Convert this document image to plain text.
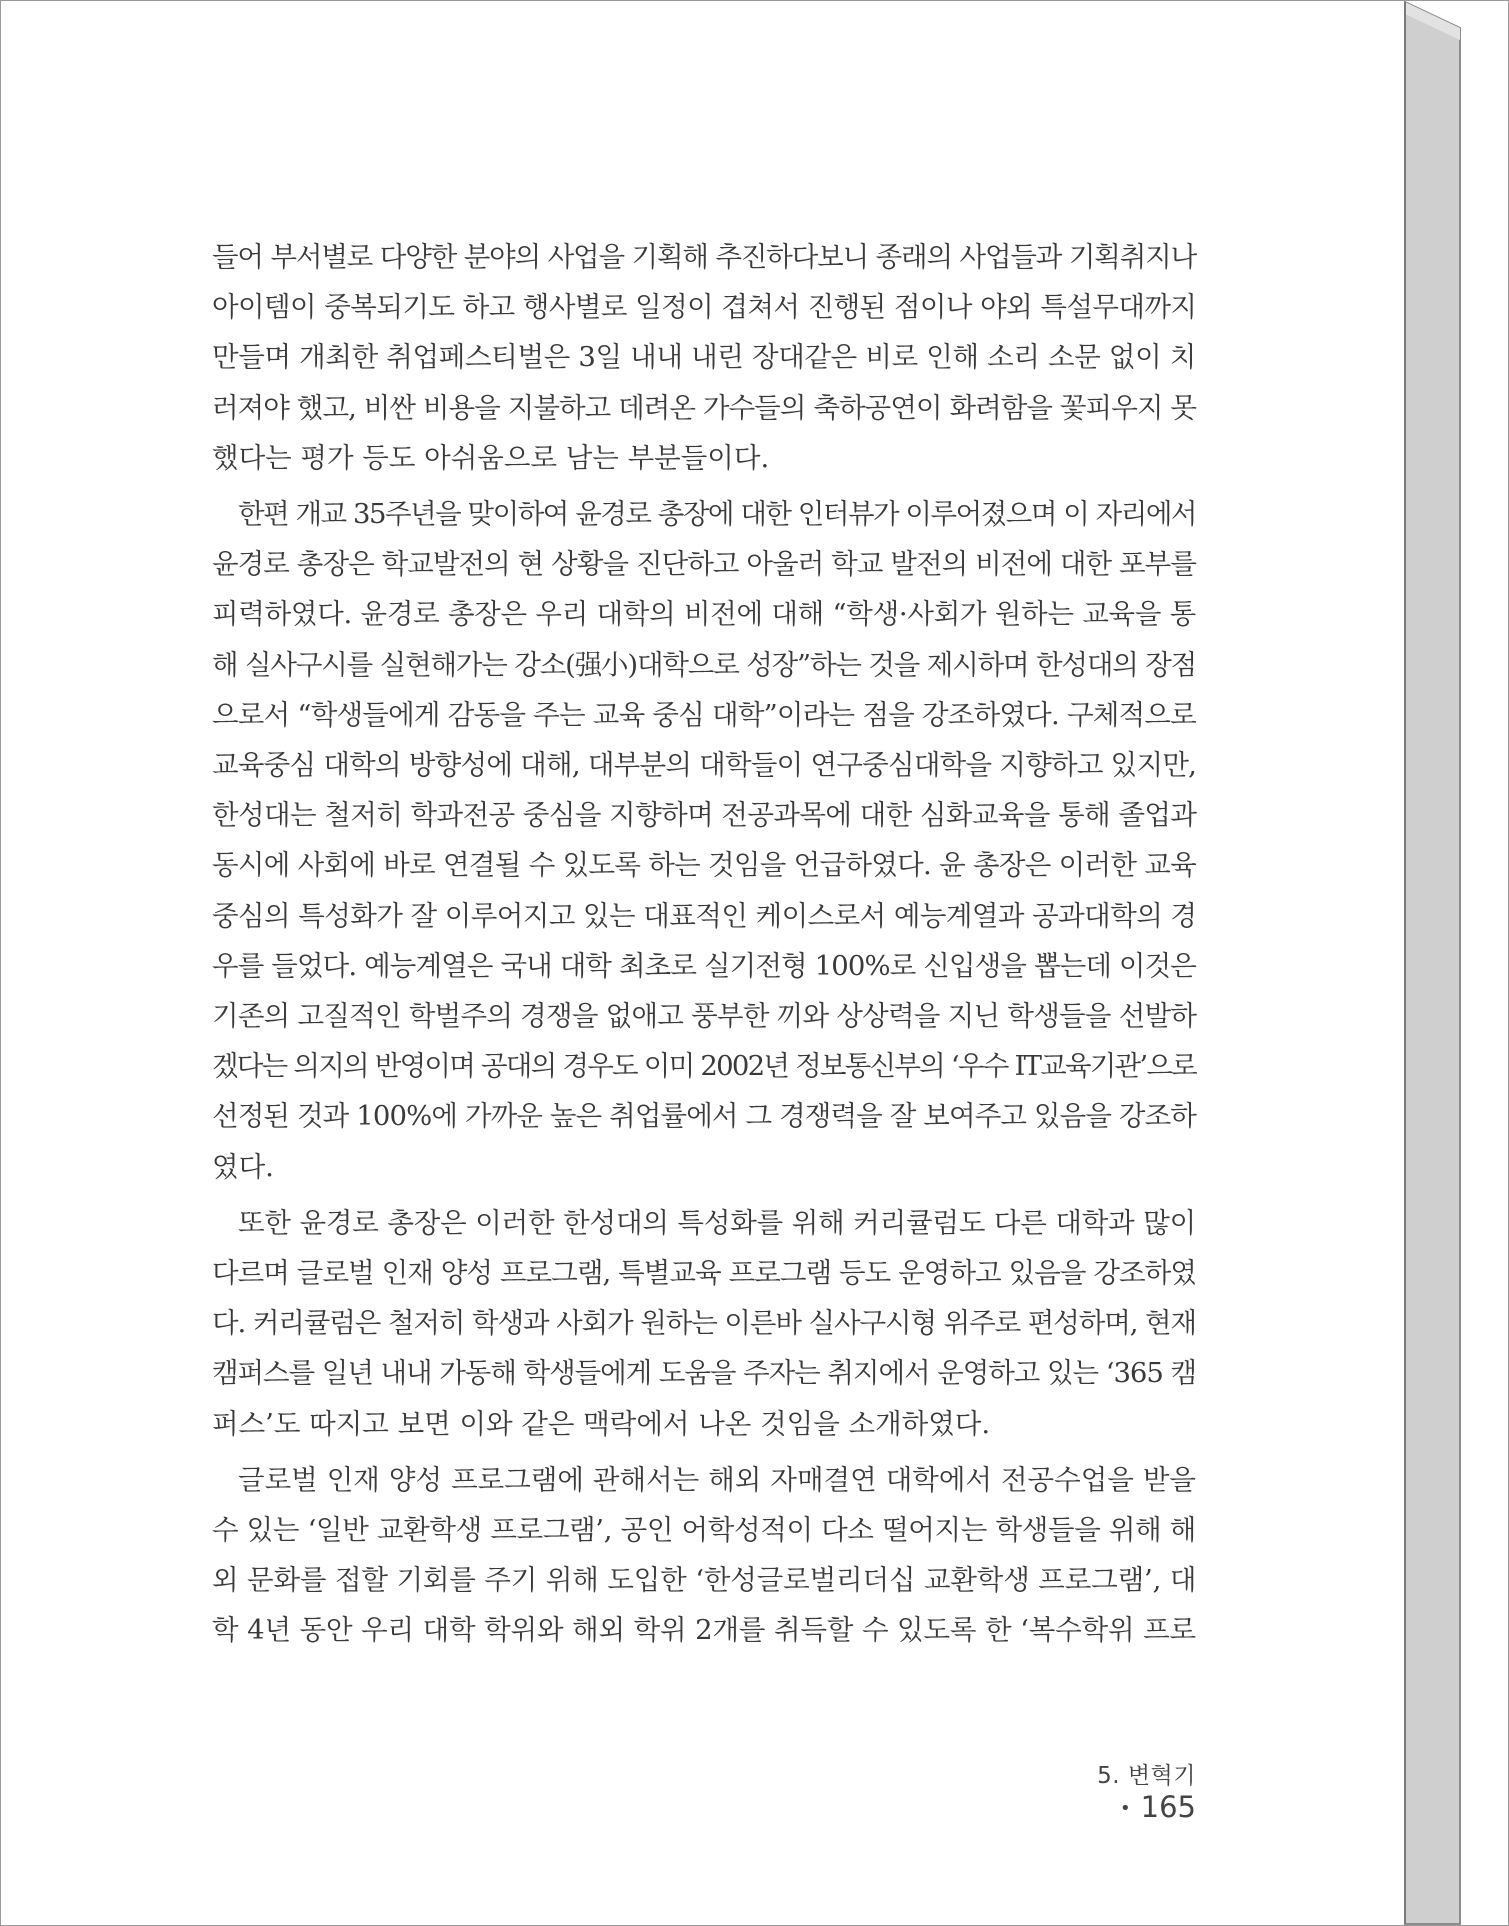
들어 부서별로 다양한 분야의 사업을 기획해 추진하다보니 종래의 사업들과 기획취지나
아이템이 중복되기도 하고 행사별로 일정이 겹쳐서 진행된 점이나 야외 특설무대까지
만들며 개최한 취업페스티벌은 3일 내내 내린 장대같은 비로 인해 소리 소문 없이 치
러져야 했고, 비싼 비용을 지불하고 데려온 가수들의 축하공연이 화려함을 꽃피우지 못
했다는 평가 등도 아쉬움으로 남는 부분들이다.

한편 개교 35주년을 맞이하여 윤경로 총장에 대한 인터뷰가 이루어졌으며 이 자리에서
윤경로 총장은 학교발전의 현 상황을 진단하고 아울러 학교 발전의 비전에 대한 포부를
피력하였다. 윤경로 총장은 우리 대학의 비전에 대해 “학생·사회가 원하는 교육을 통
해 실사구시를 실현해가는 강소(强小)대학으로 성장”하는 것을 제시하며 한성대의 장점
으로서 “학생들에게 감동을 주는 교육 중심 대학”이라는 점을 강조하였다. 구체적으로
교육중심 대학의 방향성에 대해, 대부분의 대학들이 연구중심대학을 지향하고 있지만,
한성대는 철저히 학과전공 중심을 지향하며 전공과목에 대한 심화교육을 통해 졸업과
동시에 사회에 바로 연결될 수 있도록 하는 것임을 언급하였다. 윤 총장은 이러한 교육
중심의 특성화가 잘 이루어지고 있는 대표적인 케이스로서 예능계열과 공과대학의 경
우를 들었다. 예능계열은 국내 대학 최초로 실기전형 100%로 신입생을 뽑는데 이것은
기존의 고질적인 학벌주의 경쟁을 없애고 풍부한 끼와 상상력을 지닌 학생들을 선발하
겠다는 의지의 반영이며 공대의 경우도 이미 2002년 정보통신부의 ‘우수 IT교육기관’으로
선정된 것과 100%에 가까운 높은 취업률에서 그 경쟁력을 잘 보여주고 있음을 강조하
였다.

또한 윤경로 총장은 이러한 한성대의 특성화를 위해 커리큘럼도 다른 대학과 많이
다르며 글로벌 인재 양성 프로그램, 특별교육 프로그램 등도 운영하고 있음을 강조하였
다. 커리큘럼은 철저히 학생과 사회가 원하는 이른바 실사구시형 위주로 편성하며, 현재
캠퍼스를 일년 내내 가동해 학생들에게 도움을 주자는 취지에서 운영하고 있는 ‘365 캠
퍼스’도 따지고 보면 이와 같은 맥락에서 나온 것임을 소개하였다.

글로벌 인재 양성 프로그램에 관해서는 해외 자매결연 대학에서 전공수업을 받을
수 있는 ‘일반 교환학생 프로그램’, 공인 어학성적이 다소 떨어지는 학생들을 위해 해
외 문화를 접할 기회를 주기 위해 도입한 ‘한성글로벌리더십 교환학생 프로그램’, 대
학 4년 동안 우리 대학 학위와 해외 학위 2개를 취득할 수 있도록 한 ‘복수학위 프로

5. 변혁기• 165
